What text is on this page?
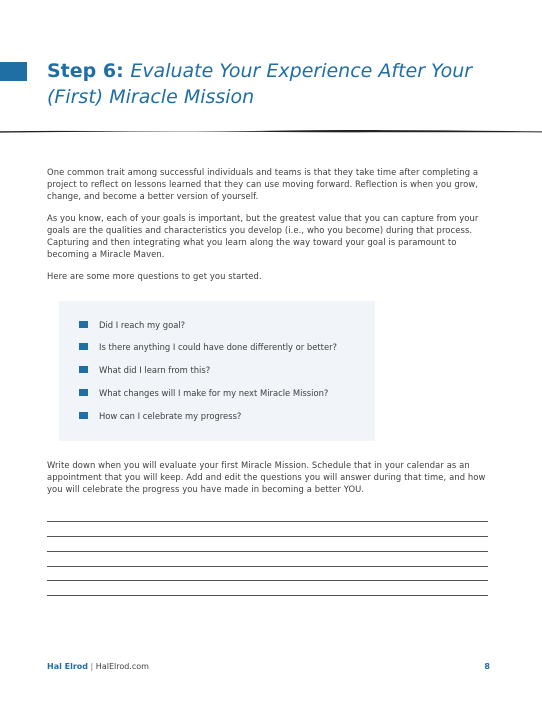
Step 6: Evaluate Your Experience After Your (First) Miracle Mission

One common trait among successful individuals and teams is that they take time after completing a project to reflect on lessons learned that they can use moving forward. Reflection is when you grow, change, and become a better version of yourself.

As you know, each of your goals is important, but the greatest value that you can capture from your goals are the qualities and characteristics you develop (i.e., who you become) during that process. Capturing and then integrating what you learn along the way toward your goal is paramount to becoming a Miracle Maven.

Here are some more questions to get you started.

Did I reach my goal?
Is there anything I could have done differently or better?
What did I learn from this?
What changes will I make for my next Miracle Mission?
How can I celebrate my progress?

Write down when you will evaluate your first Miracle Mission. Schedule that in your calendar as an appointment that you will keep. Add and edit the questions you will answer during that time, and how you will celebrate the progress you have made in becoming a better YOU.

Hal Elrod | HalElrod.com	8
